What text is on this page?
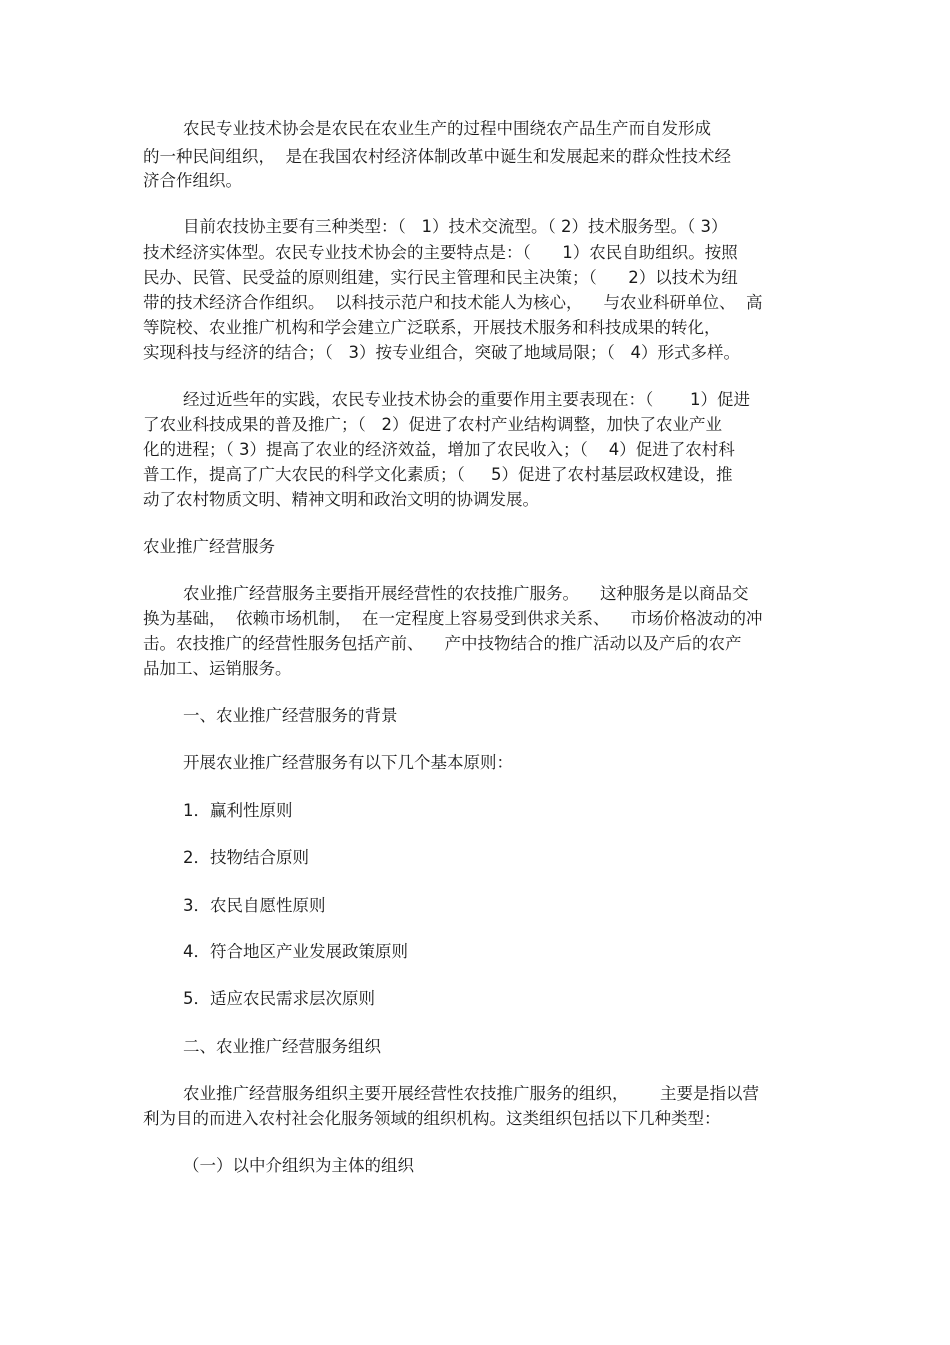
农民专业技术协会是农民在农业生产的过程中围绕农产品生产而自发形成

的一种民间组织，  是在我国农村经济体制改革中诞生和发展起来的群众性技术经

济合作组织。

目前农技协主要有三种类型：（   1）技术交流型。（ 2）技术服务型。（ 3）

技术经济实体型。农民专业技术协会的主要特点是：（      1）农民自助组织。按照

民办、民管、民受益的原则组建，实行民主管理和民主决策；（      2）以技术为纽

带的技术经济合作组织。  以科技示范户和技术能人为核心，    与农业科研单位、  高

等院校、农业推广机构和学会建立广泛联系，开展技术服务和科技成果的转化，

实现科技与经济的结合；（   3）按专业组合，突破了地域局限；（   4）形式多样。

经过近些年的实践，农民专业技术协会的重要作用主要表现在：（       1）促进

了农业科技成果的普及推广；（   2）促进了农村产业结构调整，加快了农业产业

化的进程；（ 3）提高了农业的经济效益，增加了农民收入；（    4）促进了农村科

普工作，提高了广大农民的科学文化素质；（     5）促进了农村基层政权建设，推

动了农村物质文明、精神文明和政治文明的协调发展。

农业推广经营服务

农业推广经营服务主要指开展经营性的农技推广服务。    这种服务是以商品交

换为基础，  依赖市场机制，  在一定程度上容易受到供求关系、    市场价格波动的冲

击。农技推广的经营性服务包括产前、    产中技物结合的推广活动以及产后的农产

品加工、运销服务。

一、农业推广经营服务的背景

开展农业推广经营服务有以下几个基本原则：

1．赢利性原则

2．技物结合原则

3．农民自愿性原则

4．符合地区产业发展政策原则

5．适应农民需求层次原则

二、农业推广经营服务组织

农业推广经营服务组织主要开展经营性农技推广服务的组织，      主要是指以营

利为目的而进入农村社会化服务领域的组织机构。这类组织包括以下几种类型：

（一）以中介组织为主体的组织
